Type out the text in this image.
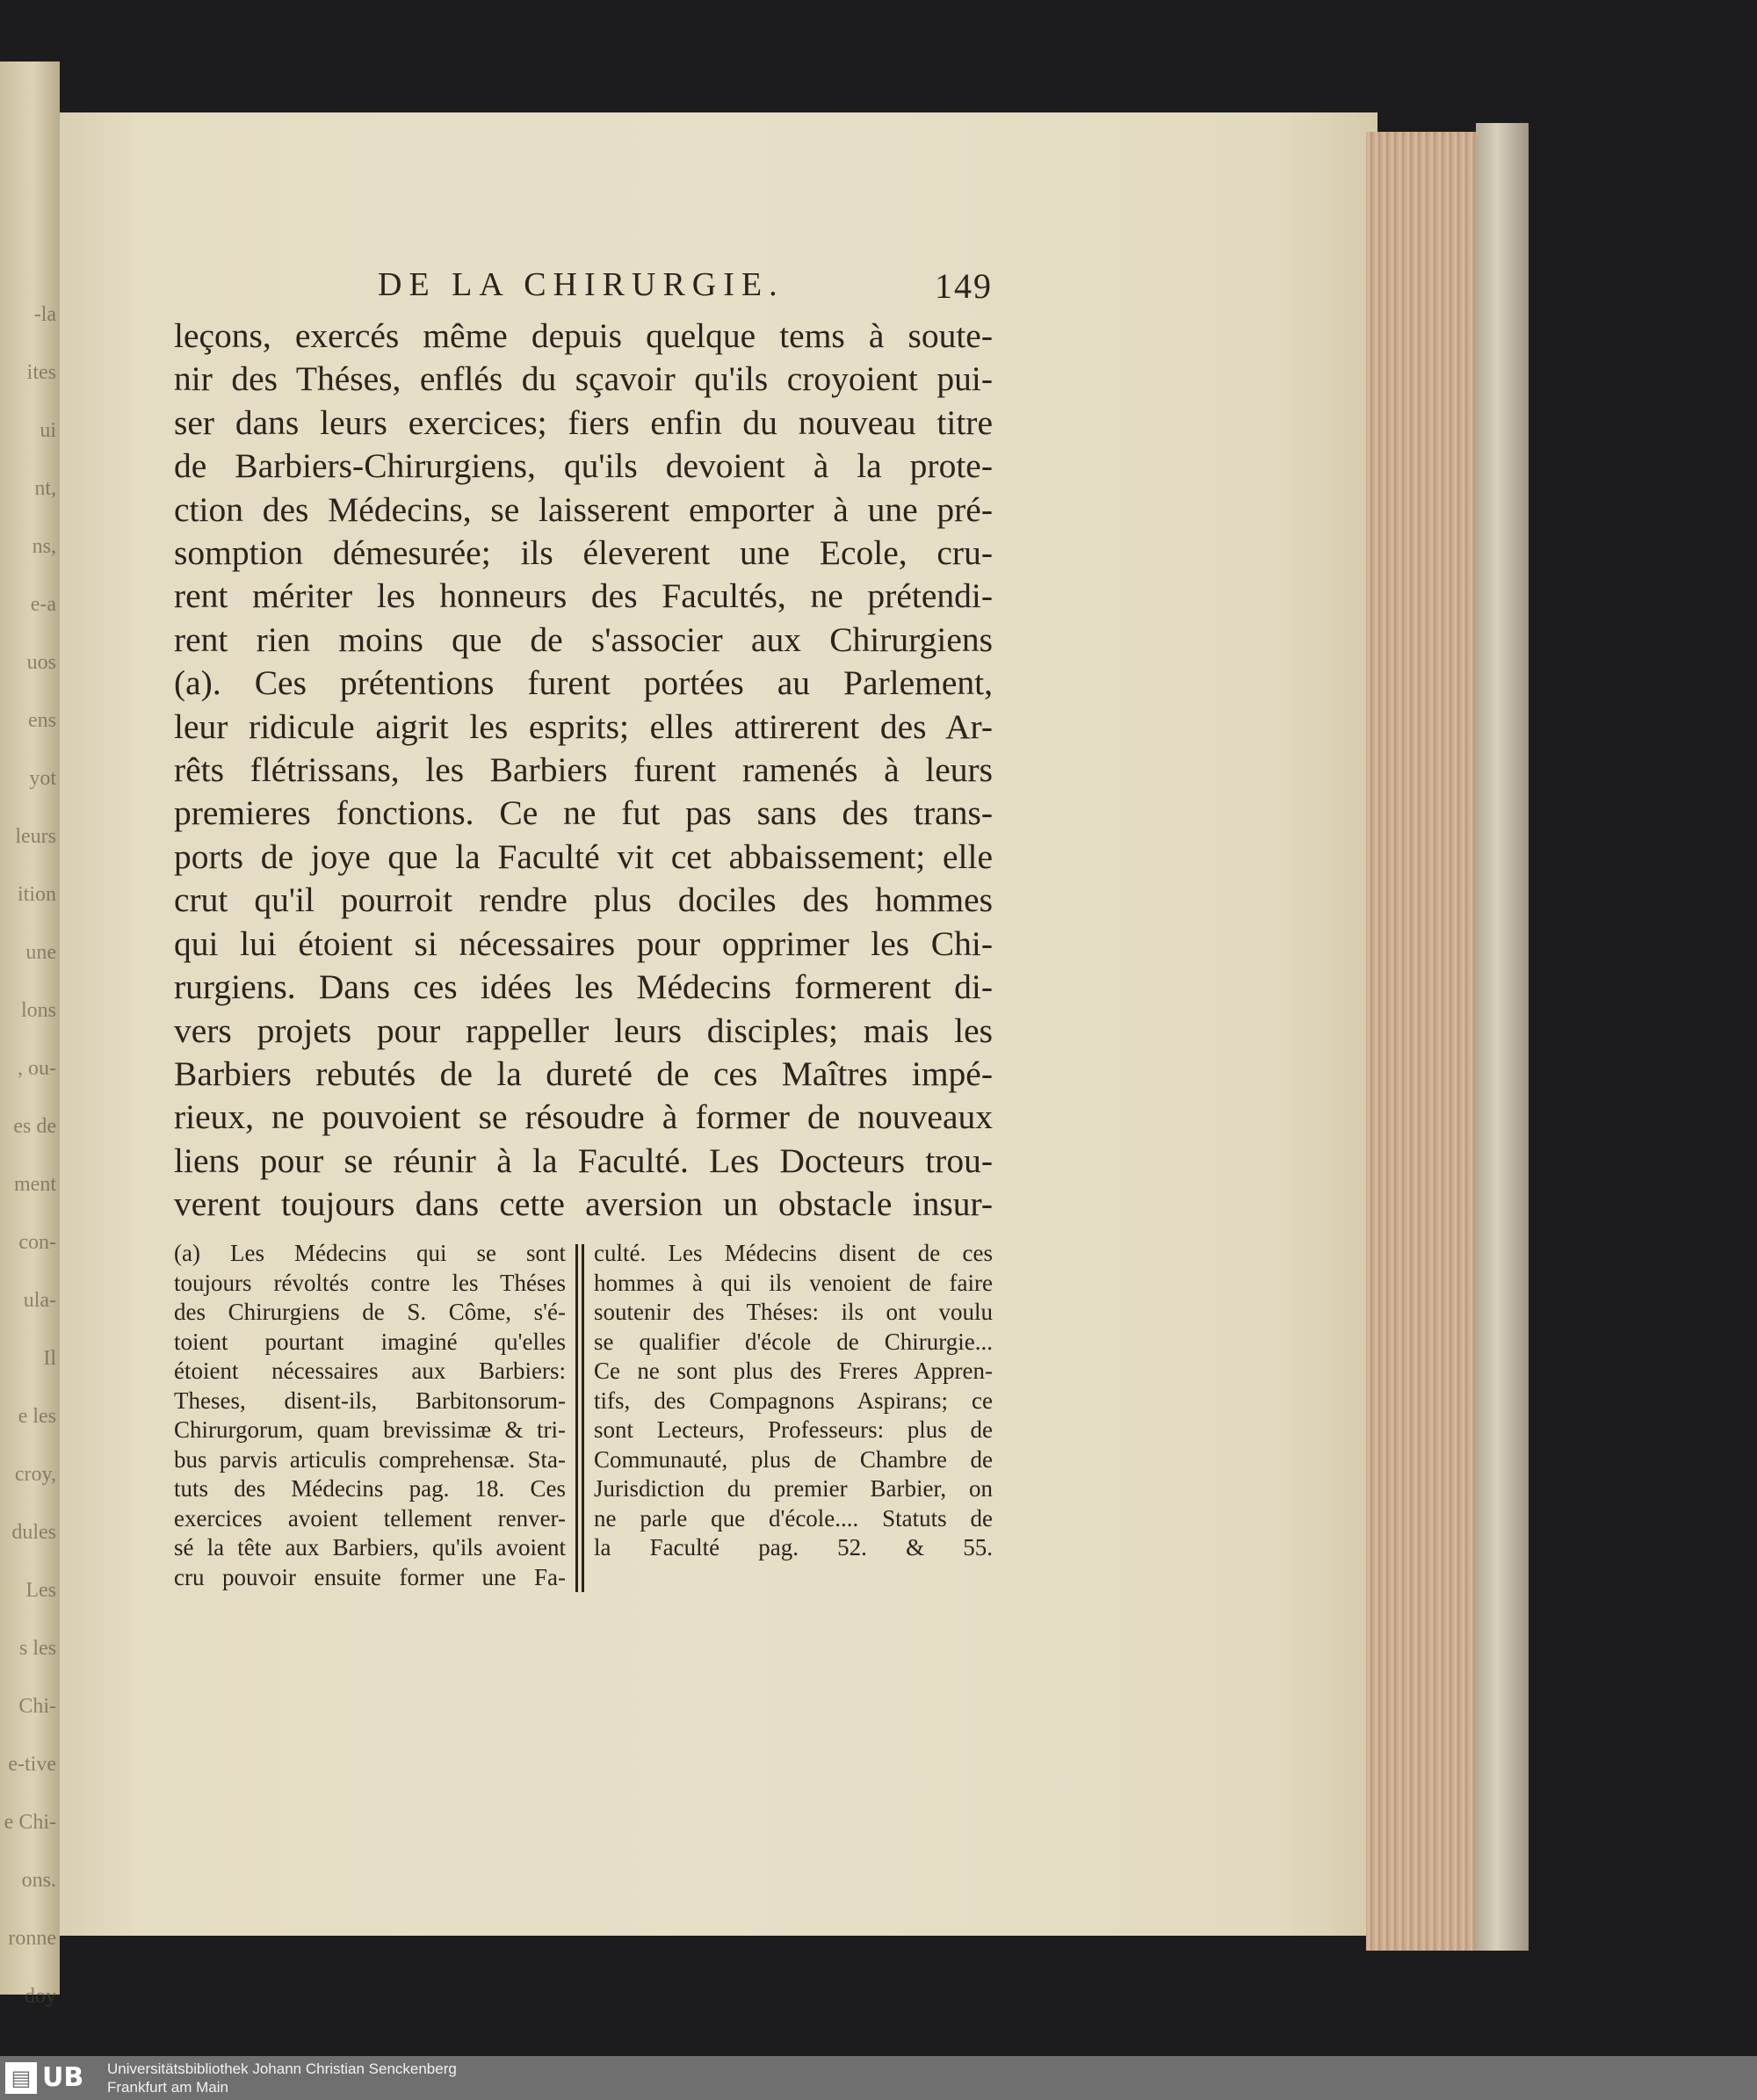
-la
ites
ui
nt,
ns,
e-a
uos
ens
yot
leurs
ition
une
lons
, ou-
es de
ment
con-
ula-
Il
e les
croy,
dules
Les
s les
Chi-
e-tive
e Chi-
ons.
ronne
doy
DE LA CHIRURGIE.	149
leçons, exercés même depuis quelque tems à soute-
nir des Théses, enflés du sçavoir qu'ils croyoient pui-
ser dans leurs exercices; fiers enfin du nouveau titre
de Barbiers-Chirurgiens, qu'ils devoient à la prote-
ction des Médecins, se laisserent emporter à une pré-
somption démesurée; ils éleverent une Ecole, cru-
rent mériter les honneurs des Facultés, ne prétendi-
rent rien moins que de s'associer aux Chirurgiens
(a). Ces prétentions furent portées au Parlement,
leur ridicule aigrit les esprits; elles attirerent des Ar-
rêts flétrissans, les Barbiers furent ramenés à leurs
premieres fonctions. Ce ne fut pas sans des trans-
ports de joye que la Faculté vit cet abbaissement; elle
crut qu'il pourroit rendre plus dociles des hommes
qui lui étoient si nécessaires pour opprimer les Chi-
rurgiens. Dans ces idées les Médecins formerent di-
vers projets pour rappeller leurs disciples; mais les
Barbiers rebutés de la dureté de ces Maîtres impé-
rieux, ne pouvoient se résoudre à former de nouveaux
liens pour se réunir à la Faculté. Les Docteurs trou-
verent toujours dans cette aversion un obstacle insur-
(a) Les Médecins qui se sont
toujours révoltés contre les Théses
des Chirurgiens de S. Côme, s'é-
toient pourtant imaginé qu'elles
étoient nécessaires aux Barbiers:
Theses, disent-ils, Barbitonsorum-
Chirurgorum, quam brevissimæ & tri-
bus parvis articulis comprehensæ. Sta-
tuts des Médecins pag. 18. Ces
exercices avoient tellement renver-
sé la tête aux Barbiers, qu'ils avoient
cru pouvoir ensuite former une Fa-
culté. Les Médecins disent de ces
hommes à qui ils venoient de faire
soutenir des Théses: ils ont voulu
se qualifier d'école de Chirurgie...
Ce ne sont plus des Freres Appren-
tifs, des Compagnons Aspirans; ce
sont Lecteurs, Professeurs: plus de
Communauté, plus de Chambre de
Jurisdiction du premier Barbier, on
ne parle que d'école.... Statuts de
la Faculté pag. 52. & 55.
▤ UB	Universitätsbibliothek Johann Christian Senckenberg
Frankfurt am Main
